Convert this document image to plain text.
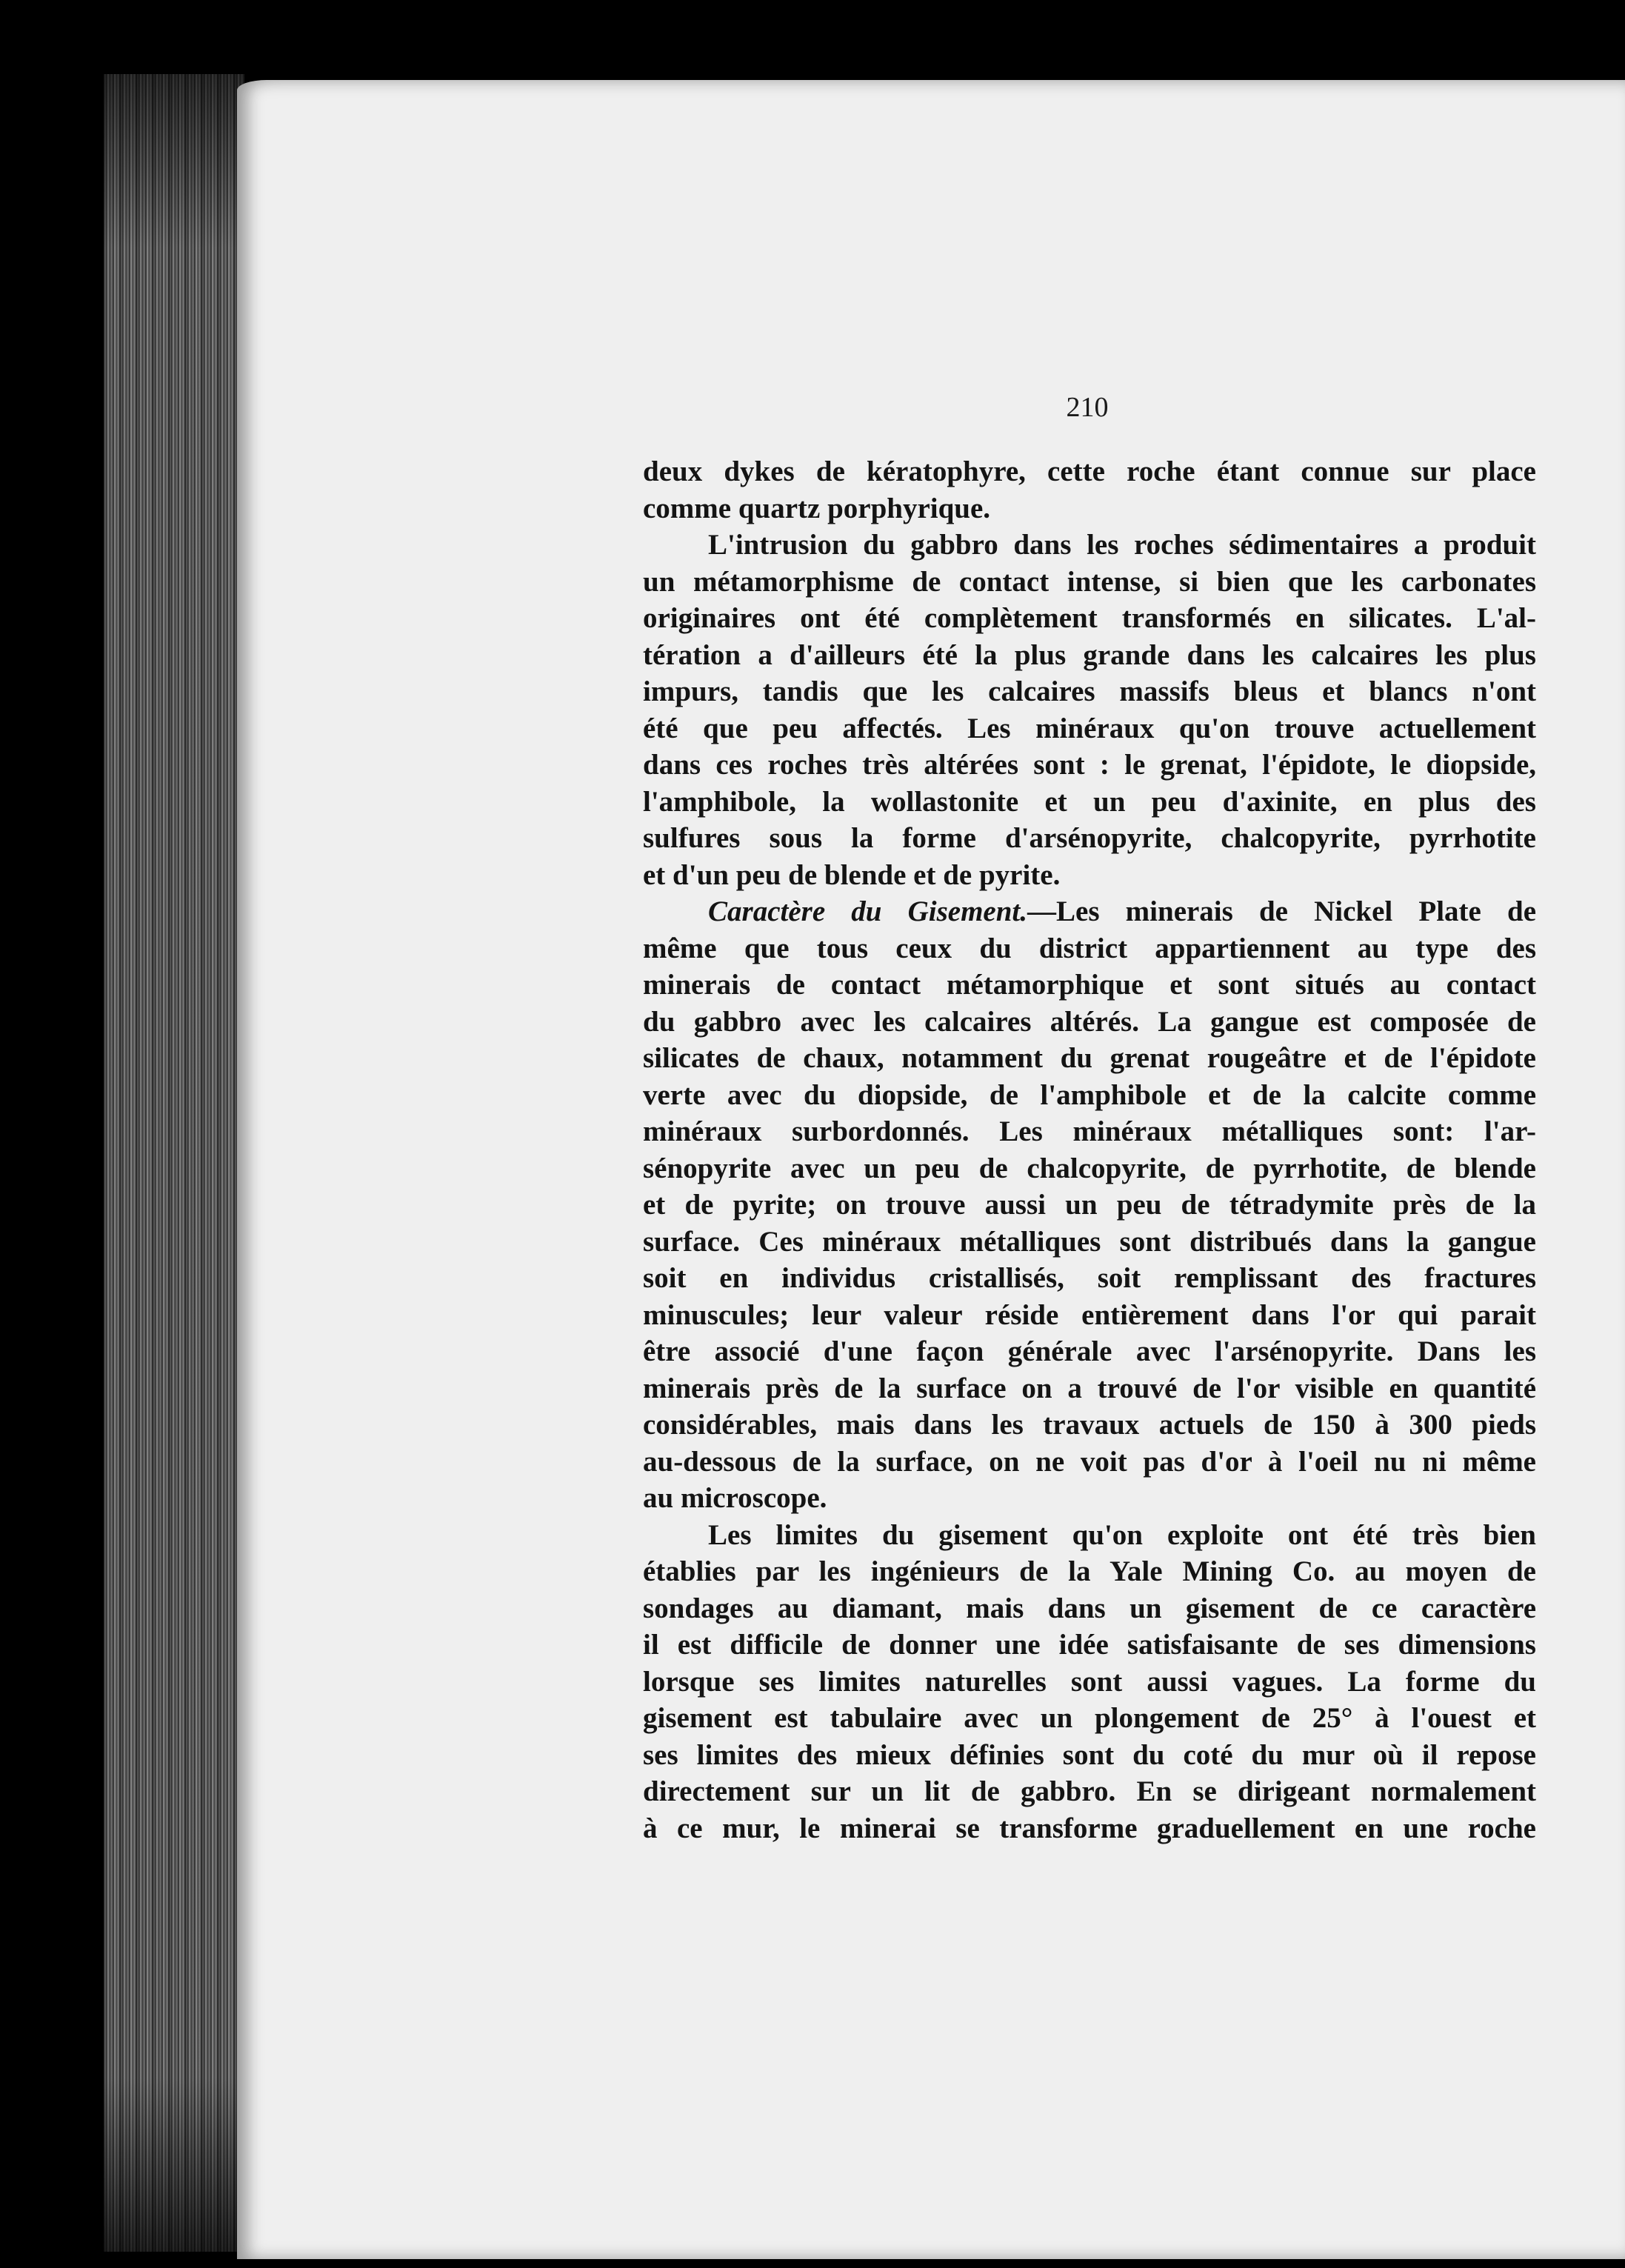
210
deux dykes de kératophyre, cette roche étant connue sur place
comme quartz porphyrique.
L'intrusion du gabbro dans les roches sédimentaires a produit
un métamorphisme de contact intense, si bien que les carbonates
originaires ont été complètement transformés en silicates. L'al-
tération a d'ailleurs été la plus grande dans les calcaires les plus
impurs, tandis que les calcaires massifs bleus et blancs n'ont
été que peu affectés. Les minéraux qu'on trouve actuellement
dans ces roches très altérées sont : le grenat, l'épidote, le diopside,
l'amphibole, la wollastonite et un peu d'axinite, en plus des
sulfures sous la forme d'arsénopyrite, chalcopyrite, pyrrhotite
et d'un peu de blende et de pyrite.
Caractère du Gisement.—Les minerais de Nickel Plate de
même que tous ceux du district appartiennent au type des
minerais de contact métamorphique et sont situés au contact
du gabbro avec les calcaires altérés. La gangue est composée de
silicates de chaux, notamment du grenat rougeâtre et de l'épidote
verte avec du diopside, de l'amphibole et de la calcite comme
minéraux surbordonnés. Les minéraux métalliques sont: l'ar-
sénopyrite avec un peu de chalcopyrite, de pyrrhotite, de blende
et de pyrite; on trouve aussi un peu de tétradymite près de la
surface. Ces minéraux métalliques sont distribués dans la gangue
soit en individus cristallisés, soit remplissant des fractures
minuscules; leur valeur réside entièrement dans l'or qui parait
être associé d'une façon générale avec l'arsénopyrite. Dans les
minerais près de la surface on a trouvé de l'or visible en quantité
considérables, mais dans les travaux actuels de 150 à 300 pieds
au-dessous de la surface, on ne voit pas d'or à l'oeil nu ni même
au microscope.
Les limites du gisement qu'on exploite ont été très bien
établies par les ingénieurs de la Yale Mining Co. au moyen de
sondages au diamant, mais dans un gisement de ce caractère
il est difficile de donner une idée satisfaisante de ses dimensions
lorsque ses limites naturelles sont aussi vagues. La forme du
gisement est tabulaire avec un plongement de 25° à l'ouest et
ses limites des mieux définies sont du coté du mur où il repose
directement sur un lit de gabbro. En se dirigeant normalement
à ce mur, le minerai se transforme graduellement en une roche
